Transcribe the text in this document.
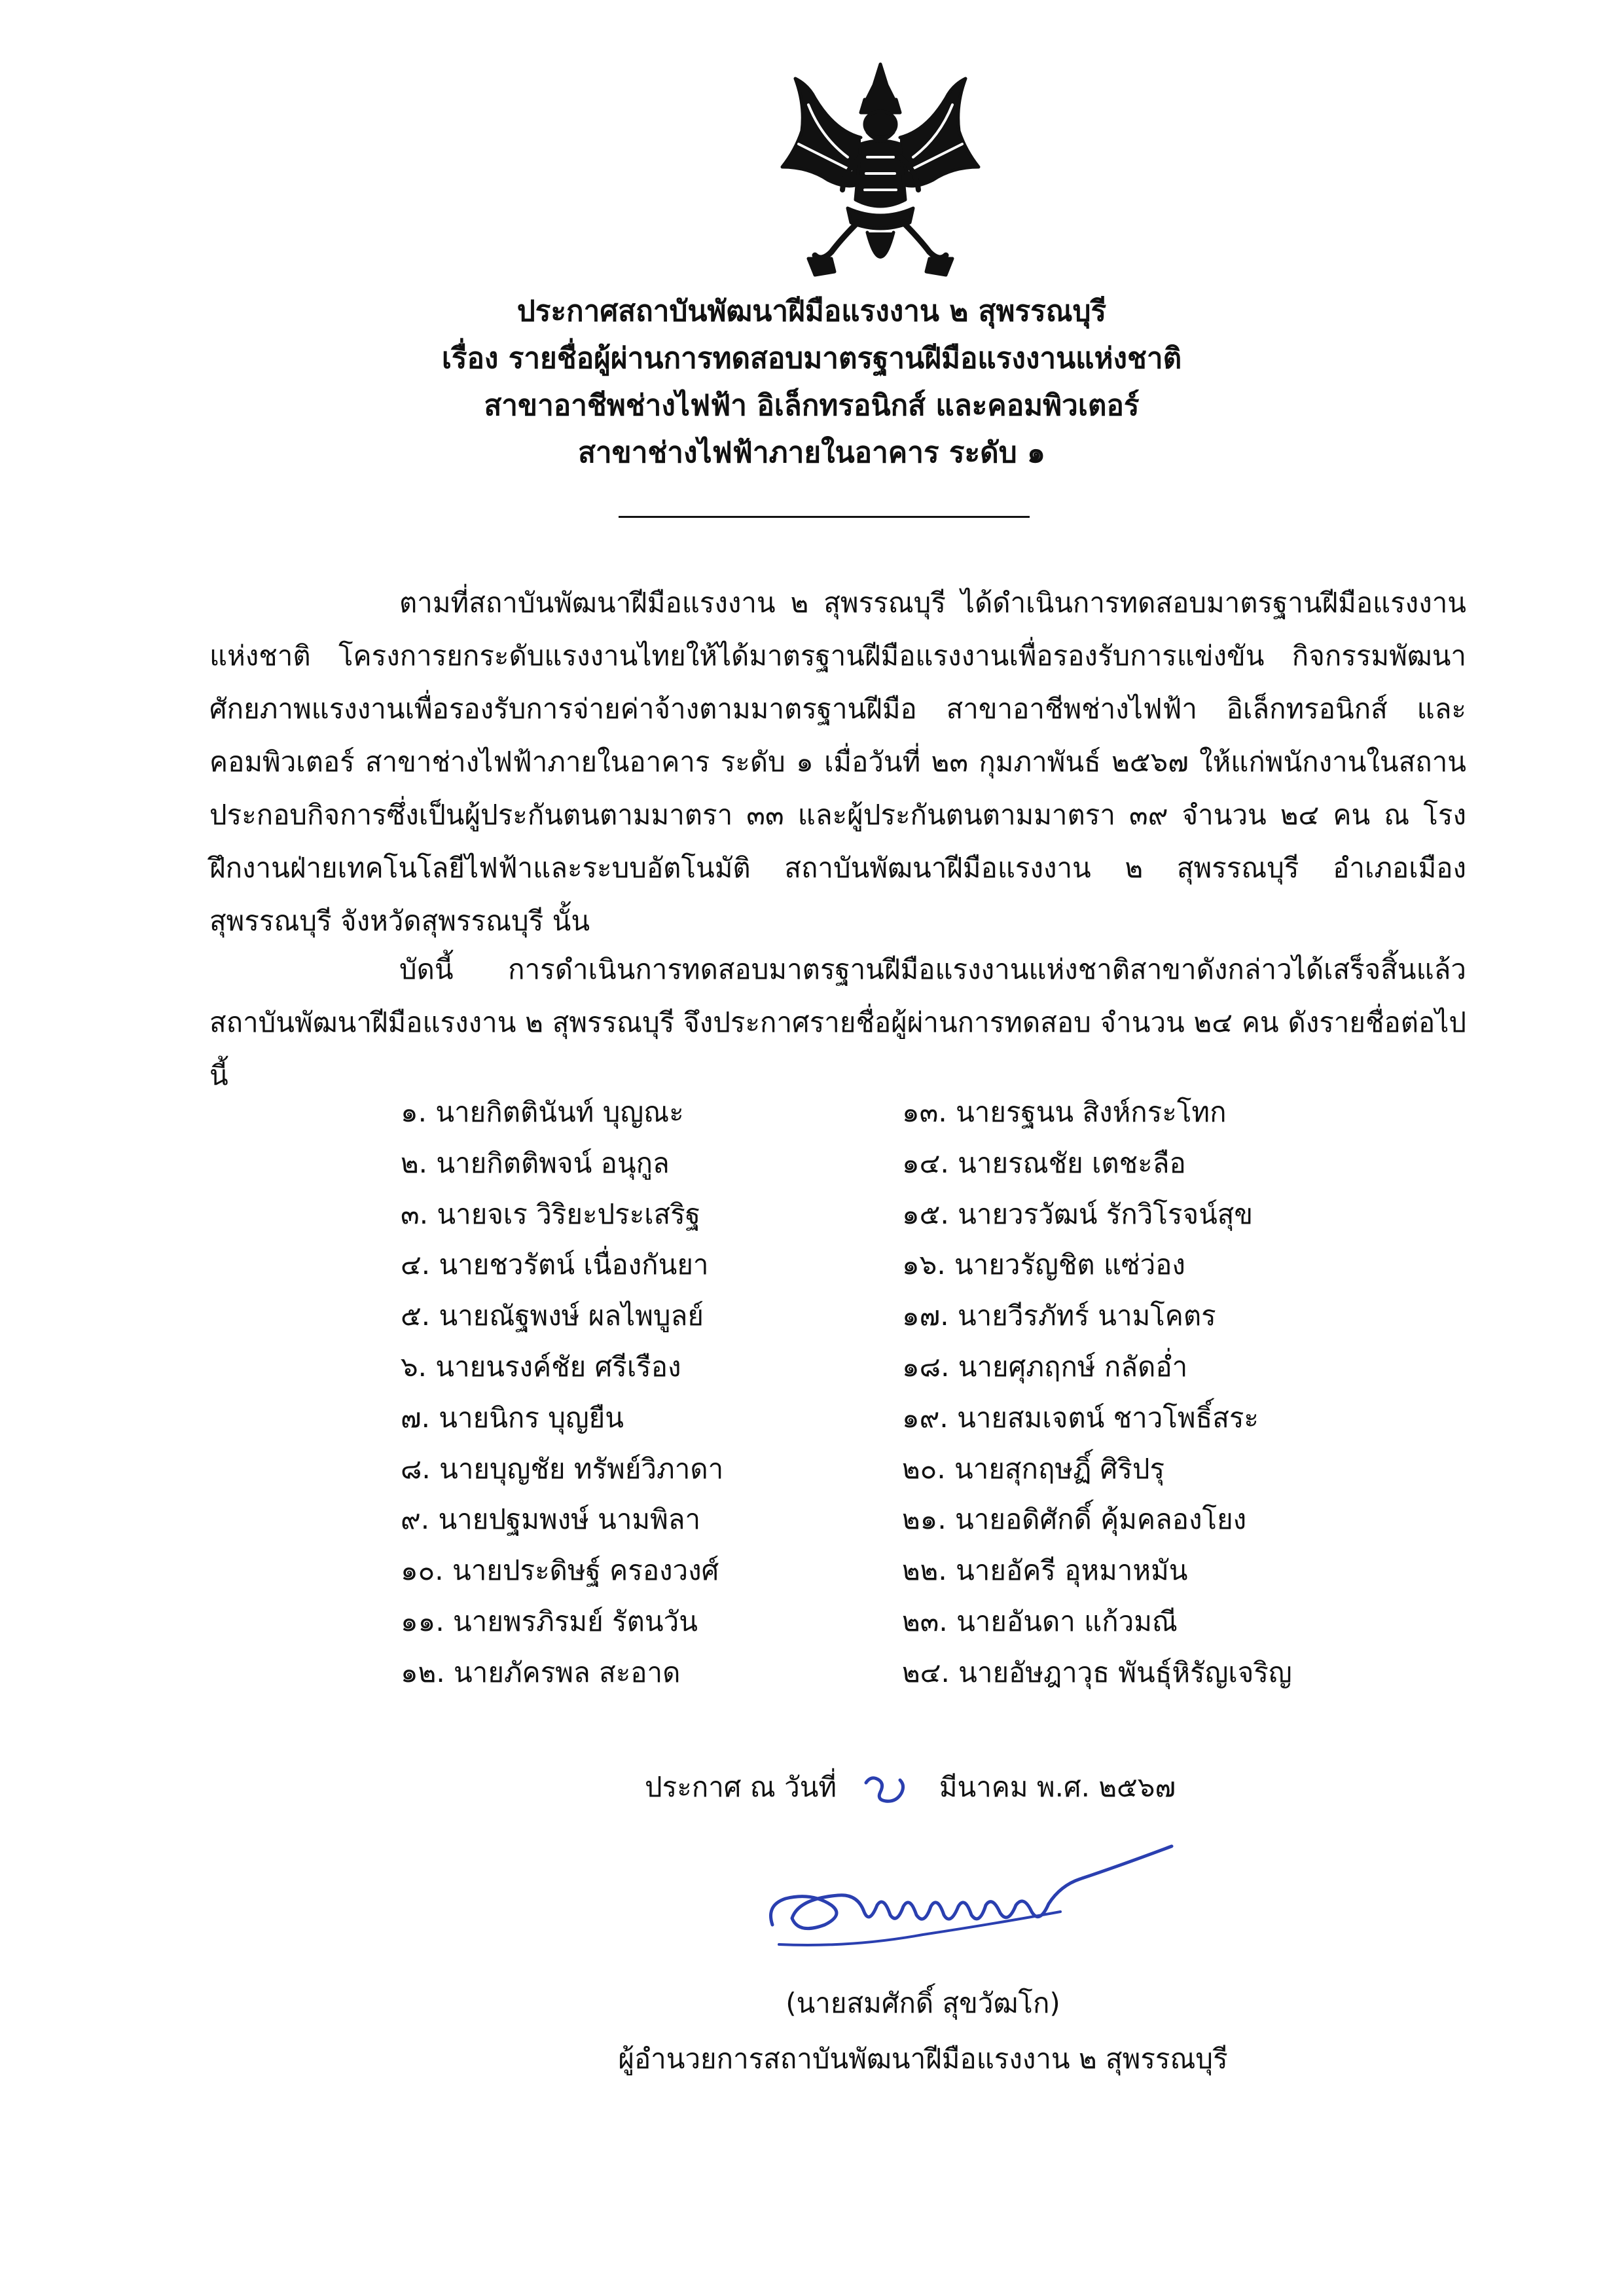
ประกาศสถาบันพัฒนาฝีมือแรงงาน ๒ สุพรรณบุรี
เรื่อง รายชื่อผู้ผ่านการทดสอบมาตรฐานฝีมือแรงงานแห่งชาติ
สาขาอาชีพช่างไฟฟ้า อิเล็กทรอนิกส์ และคอมพิวเตอร์
สาขาช่างไฟฟ้าภายในอาคาร ระดับ ๑
ตามที่สถาบันพัฒนาฝีมือแรงงาน ๒ สุพรรณบุรี ได้ดำเนินการทดสอบมาตรฐานฝีมือแรงงานแห่งชาติ โครงการยกระดับแรงงานไทยให้ได้มาตรฐานฝีมือแรงงานเพื่อรองรับการแข่งขัน กิจกรรมพัฒนาศักยภาพแรงงานเพื่อรองรับการจ่ายค่าจ้างตามมาตรฐานฝีมือ สาขาอาชีพช่างไฟฟ้า อิเล็กทรอนิกส์ และคอมพิวเตอร์ สาขาช่างไฟฟ้าภายในอาคาร ระดับ ๑ เมื่อวันที่ ๒๓ กุมภาพันธ์ ๒๕๖๗ ให้แก่พนักงานในสถานประกอบกิจการซึ่งเป็นผู้ประกันตนตามมาตรา ๓๓ และผู้ประกันตนตามมาตรา ๓๙ จำนวน ๒๔ คน ณ โรงฝึกงานฝ่ายเทคโนโลยีไฟฟ้าและระบบอัตโนมัติ สถาบันพัฒนาฝีมือแรงงาน ๒ สุพรรณบุรี อำเภอเมืองสุพรรณบุรี จังหวัดสุพรรณบุรี นั้น
บัดนี้ การดำเนินการทดสอบมาตรฐานฝีมือแรงงานแห่งชาติสาขาดังกล่าวได้เสร็จสิ้นแล้ว สถาบันพัฒนาฝีมือแรงงาน ๒ สุพรรณบุรี จึงประกาศรายชื่อผู้ผ่านการทดสอบ จำนวน ๒๔ คน ดังรายชื่อต่อไปนี้
๑. นายกิตตินันท์ บุญณะ
๒. นายกิตติพจน์ อนุกูล
๓. นายจเร วิริยะประเสริฐ
๔. นายชวรัตน์ เนื่องกันยา
๕. นายณัฐพงษ์ ผลไพบูลย์
๖. นายนรงค์ชัย ศรีเรือง
๗. นายนิกร บุญยืน
๘. นายบุญชัย ทรัพย์วิภาดา
๙. นายปฐมพงษ์ นามพิลา
๑๐. นายประดิษฐ์ ครองวงศ์
๑๑. นายพรภิรมย์ รัตนวัน
๑๒. นายภัครพล สะอาด
๑๓. นายรฐนน สิงห์กระโทก
๑๔. นายรณชัย เตชะลือ
๑๕. นายวรวัฒน์ รักวิโรจน์สุข
๑๖. นายวรัญชิต แซ่ว่อง
๑๗. นายวีรภัทร์ นามโคตร
๑๘. นายศุภฤกษ์ กลัดอ่ำ
๑๙. นายสมเจตน์ ชาวโพธิ์สระ
๒๐. นายสุกฤษฏิ์ ศิริปรุ
๒๑. นายอดิศักดิ์ คุ้มคลองโยง
๒๒. นายอัครี อุหมาหมัน
๒๓. นายอันดา แก้วมณี
๒๔. นายอัษฎาวุธ พันธุ์หิรัญเจริญ
ประกาศ ณ วันที่	มีนาคม พ.ศ. ๒๕๖๗
(นายสมศักดิ์ สุขวัฒโก)
ผู้อำนวยการสถาบันพัฒนาฝีมือแรงงาน ๒ สุพรรณบุรี
